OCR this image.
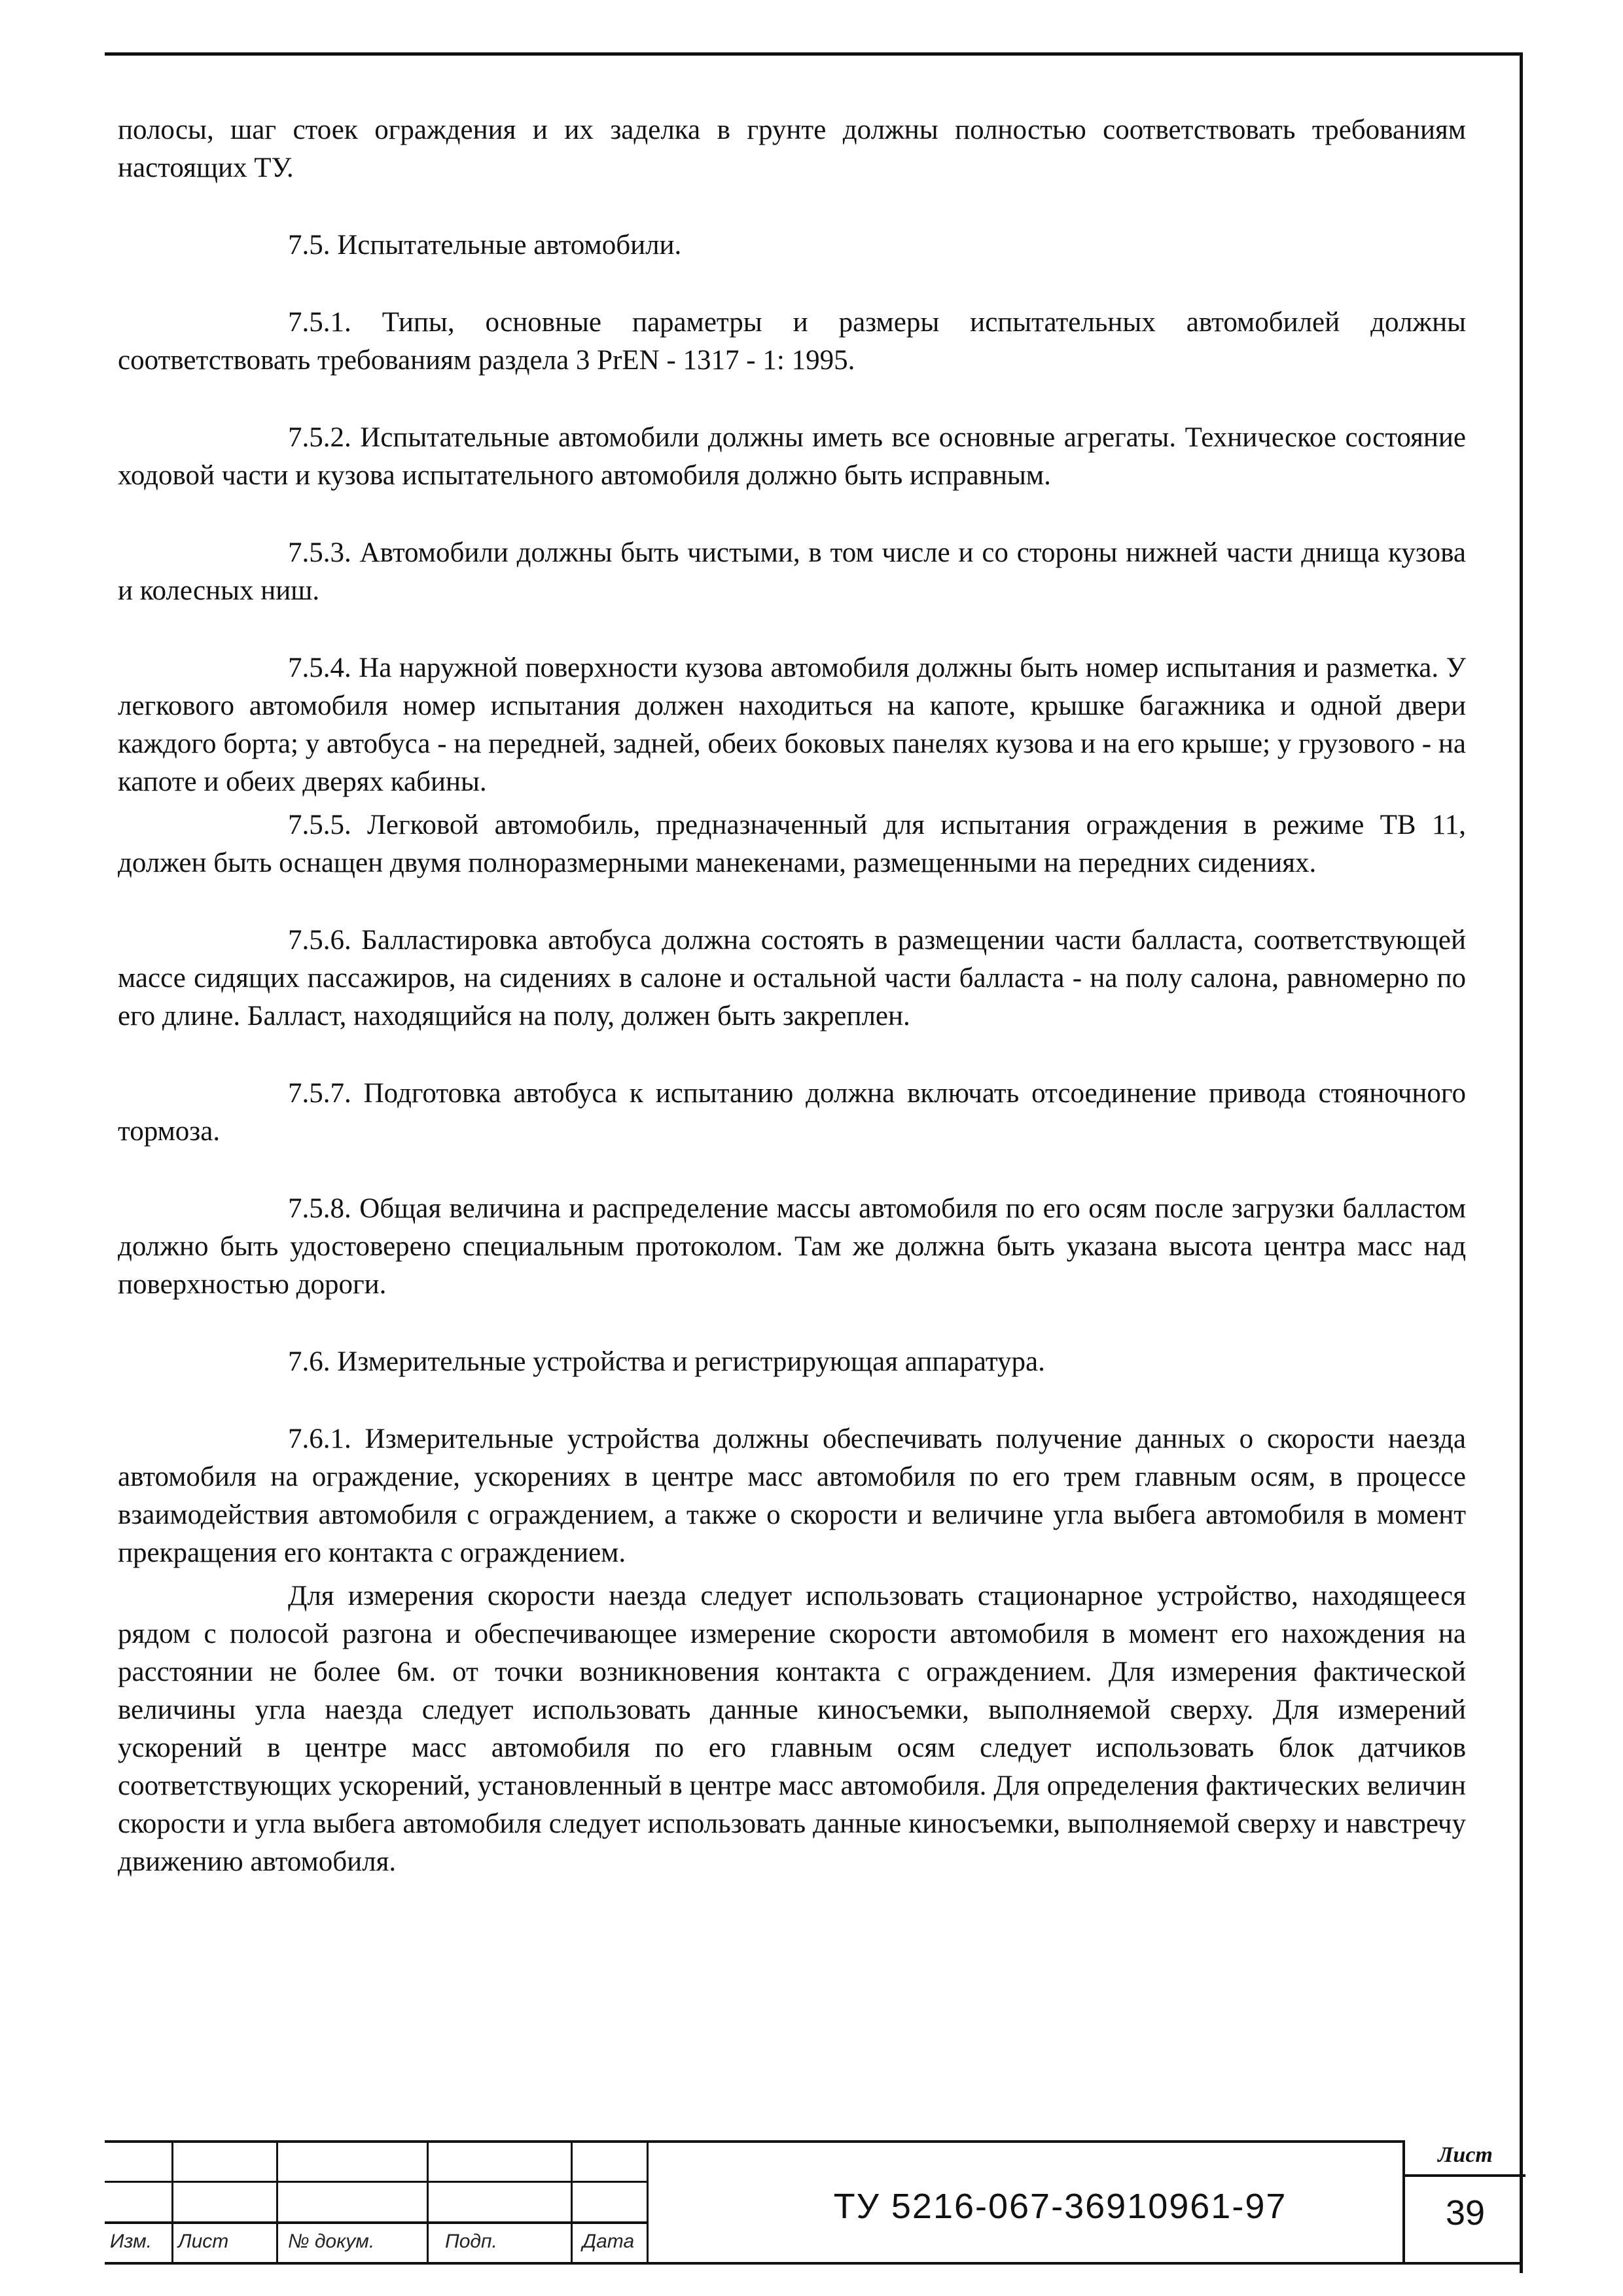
полосы, шаг стоек ограждения и их заделка в грунте должны полностью соответствовать требованиям настоящих ТУ.

7.5. Испытательные автомобили.

7.5.1. Типы, основные параметры и размеры испытательных автомобилей должны соответствовать требованиям раздела 3 PrEN - 1317 - 1: 1995.

7.5.2. Испытательные автомобили должны иметь все основные агрегаты. Техническое состояние ходовой части и кузова испытательного автомобиля должно быть исправным.

7.5.3. Автомобили должны быть чистыми, в том числе и со стороны нижней части днища кузова и колесных ниш.

7.5.4. На наружной поверхности кузова автомобиля должны быть номер испытания и разметка. У легкового автомобиля номер испытания должен находиться на капоте, крышке багажника и одной двери каждого борта; у автобуса - на передней, задней, обеих боковых панелях кузова и на его крыше; у грузового - на капоте и обеих дверях кабины.

7.5.5. Легковой автомобиль, предназначенный для испытания ограждения в режиме ТВ 11, должен быть оснащен двумя полноразмерными манекенами, размещенными на передних сидениях.

7.5.6. Балластировка автобуса должна состоять в размещении части балласта, соответствующей массе сидящих пассажиров, на сидениях в салоне и остальной части балласта - на полу салона, равномерно по его длине. Балласт, находящийся на полу, должен быть закреплен.

7.5.7. Подготовка автобуса к испытанию должна включать отсоединение привода стояночного тормоза.

7.5.8. Общая величина и распределение массы автомобиля по его осям после загрузки балластом должно быть удостоверено специальным протоколом. Там же должна быть указана высота центра масс над поверхностью дороги.

7.6. Измерительные устройства и регистрирующая аппаратура.

7.6.1. Измерительные устройства должны обеспечивать получение данных о скорости наезда автомобиля на ограждение, ускорениях в центре масс автомобиля по его трем главным осям, в процессе взаимодействия автомобиля с ограждением, а также о скорости и величине угла выбега автомобиля в момент прекращения его контакта с ограждением.

Для измерения скорости наезда следует использовать стационарное устройство, находящееся рядом с полосой разгона и обеспечивающее измерение скорости автомобиля в момент его нахождения на расстоянии не более 6м. от точки возникновения контакта с ограждением. Для измерения фактической величины угла наезда следует использовать данные киносъемки, выполняемой сверху. Для измерений ускорений в центре масс автомобиля по его главным осям следует использовать блок датчиков соответствующих ускорений, установленный в центре масс автомобиля. Для определения фактических величин скорости и угла выбега автомобиля следует использовать данные киносъемки, выполняемой сверху и навстречу движению автомобиля.

Изм. Лист	№ докум.	Подп.	Дата
ТУ 5216-067-36910961-97
Лист
39
